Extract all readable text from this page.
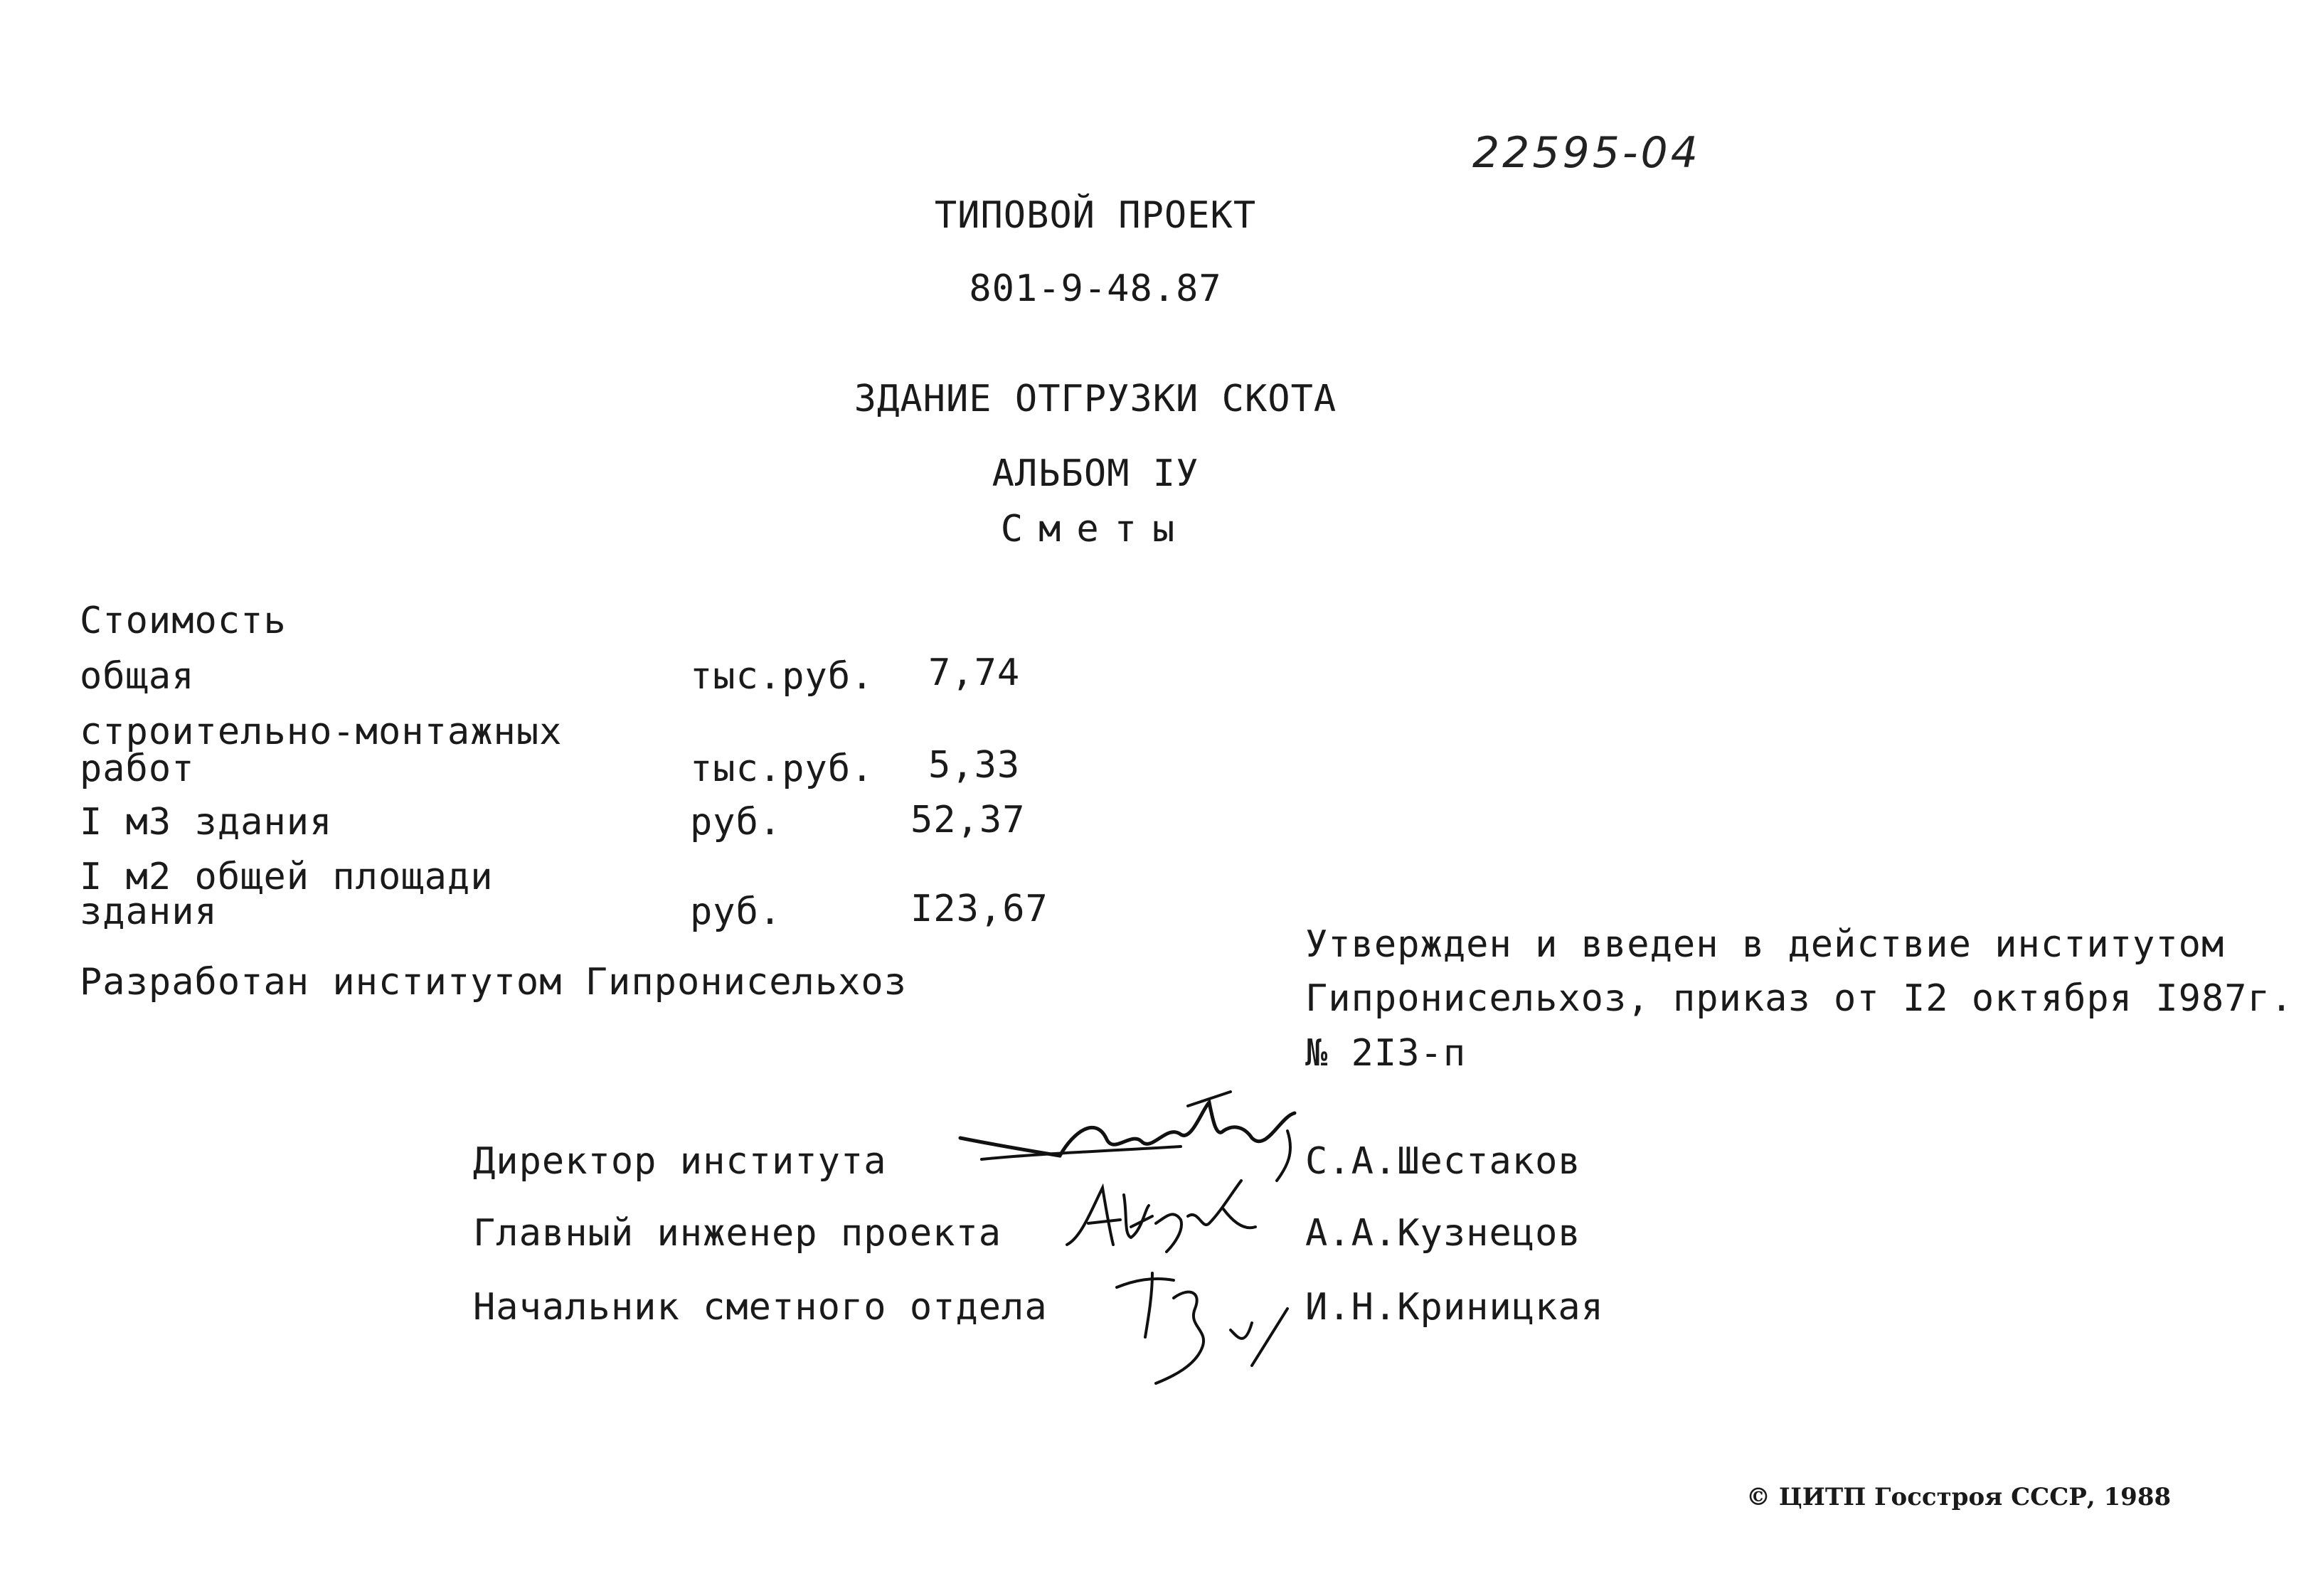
22595-04
ТИПОВОЙ ПРОЕКТ
801-9-48.87
ЗДАНИЕ ОТГРУЗКИ СКОТА
АЛЬБОМ IУ
Сметы
Стоимость
общая	тыс.руб. 7,74
строительно-монтажных
работ	тыс.руб. 5,33
I м3 здания	руб.	52,37
I м2 общей площади
здания	руб.	I23,67
Разработан институтом Гипронисельхоз
Утвержден и введен в действие институтом
Гипронисельхоз, приказ от I2 октября I987г.
№ 2I3-п
Директор института	С.А.Шестаков
Главный инженер проекта	А.А.Кузнецов
Начальник сметного отдела	И.Н.Криницкая
© ЦИТП Госстроя СССР, 1988
